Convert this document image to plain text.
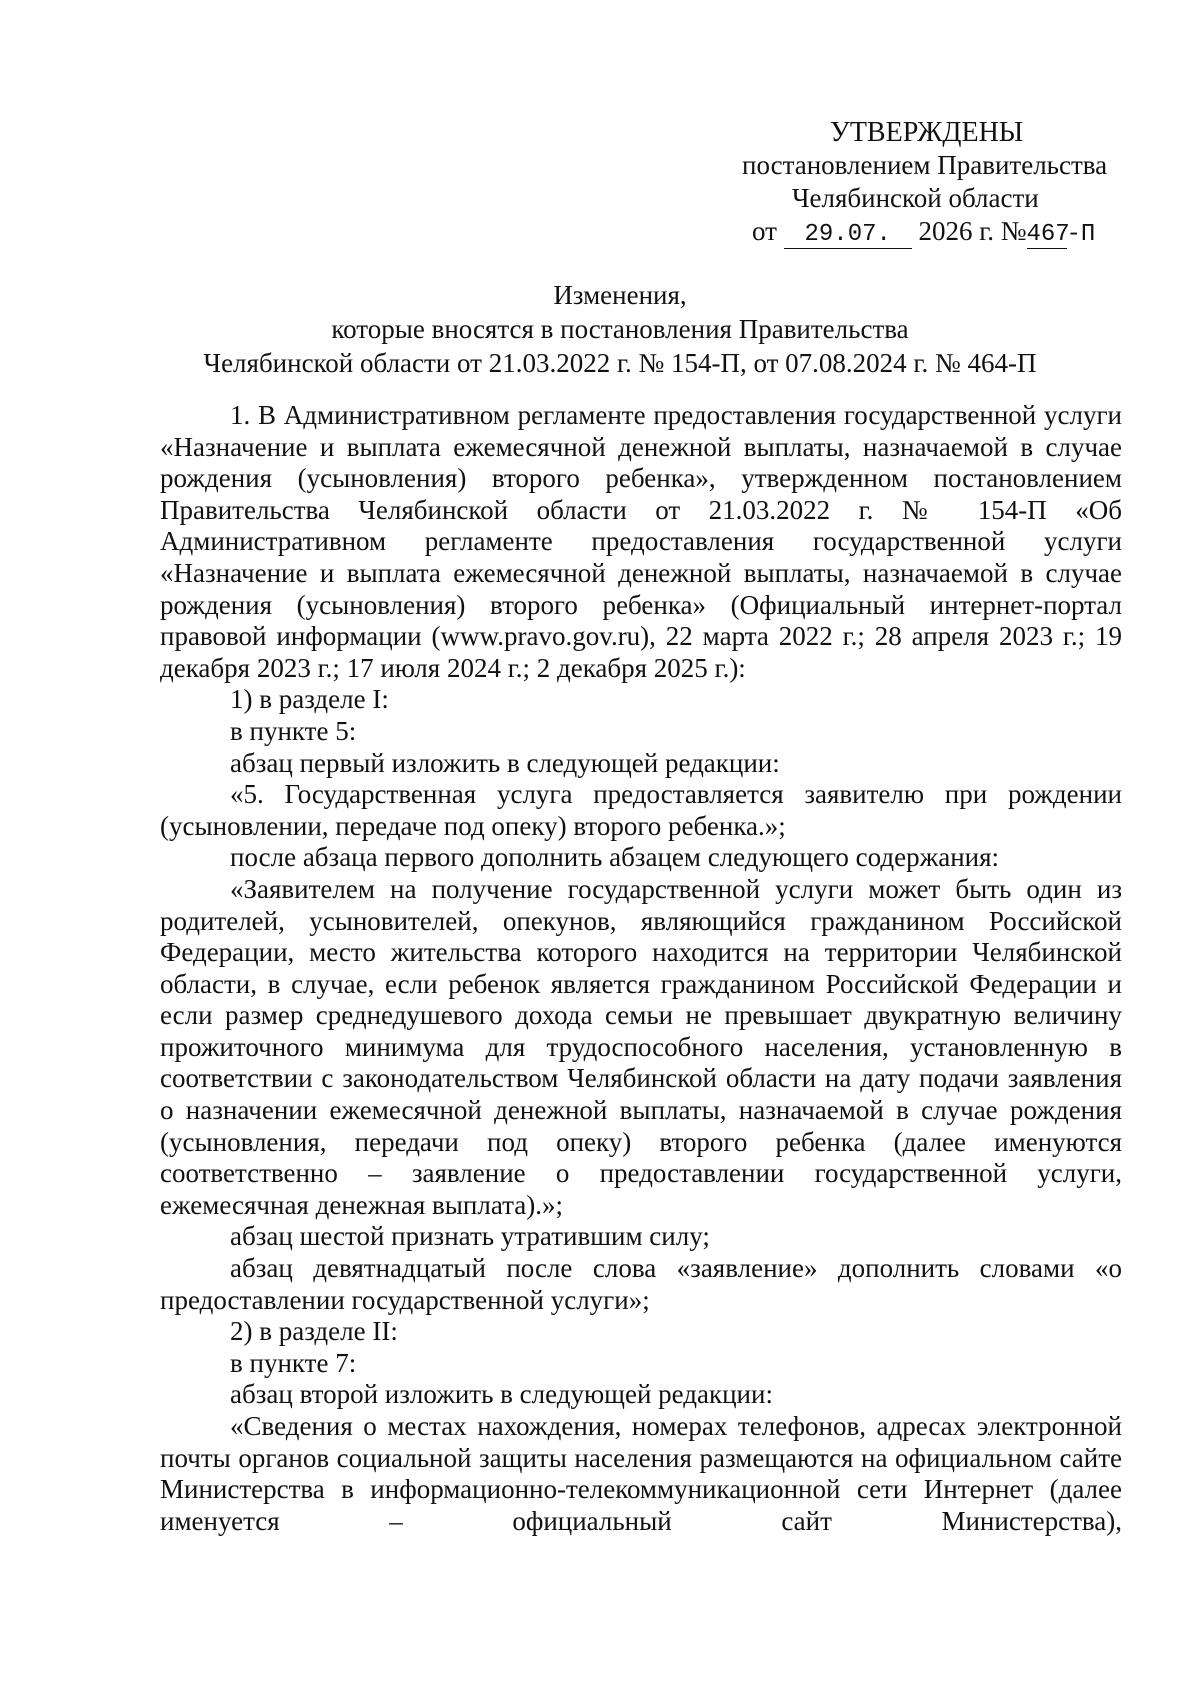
УТВЕРЖДЕНЫ
постановлением Правительства
Челябинской области
от 29.07. 2026 г. №467-П
Изменения,
которые вносятся в постановления Правительства
Челябинской области от 21.03.2022 г. № 154-П, от 07.08.2024 г. № 464-П

1. В Административном регламенте предоставления государственной услуги «Назначение и выплата ежемесячной денежной выплаты, назначаемой в случае рождения (усыновления) второго ребенка», утвержденном постановлением Правительства Челябинской области от 21.03.2022 г. № 154-П «Об Административном регламенте предоставления государственной услуги «Назначение и выплата ежемесячной денежной выплаты, назначаемой в случае рождения (усыновления) второго ребенка» (Официальный интернет-портал правовой информации (www.pravo.gov.ru), 22 марта 2022 г.; 28 апреля 2023 г.; 19 декабря 2023 г.; 17 июля 2024 г.; 2 декабря 2025 г.):

1) в разделе I:

в пункте 5:

абзац первый изложить в следующей редакции:

«5. Государственная услуга предоставляется заявителю при рождении (усыновлении, передаче под опеку) второго ребенка.»;

после абзаца первого дополнить абзацем следующего содержания:

«Заявителем на получение государственной услуги может быть один из родителей, усыновителей, опекунов, являющийся гражданином Российской Федерации, место жительства которого находится на территории Челябинской области, в случае, если ребенок является гражданином Российской Федерации и если размер среднедушевого дохода семьи не превышает двукратную величину прожиточного минимума для трудоспособного населения, установленную в соответствии с законодательством Челябинской области на дату подачи заявления о назначении ежемесячной денежной выплаты, назначаемой в случае рождения (усыновления, передачи под опеку) второго ребенка (далее именуются соответственно – заявление о предоставлении государственной услуги, ежемесячная денежная выплата).»;

абзац шестой признать утратившим силу;

абзац девятнадцатый после слова «заявление» дополнить словами «о предоставлении государственной услуги»;

2) в разделе II:

в пункте 7:

абзац второй изложить в следующей редакции:

«Сведения о местах нахождения, номерах телефонов, адресах электронной почты органов социальной защиты населения размещаются на официальном сайте Министерства в информационно-телекоммуникационной сети Интернет (далее именуется – официальный сайт Министерства),
